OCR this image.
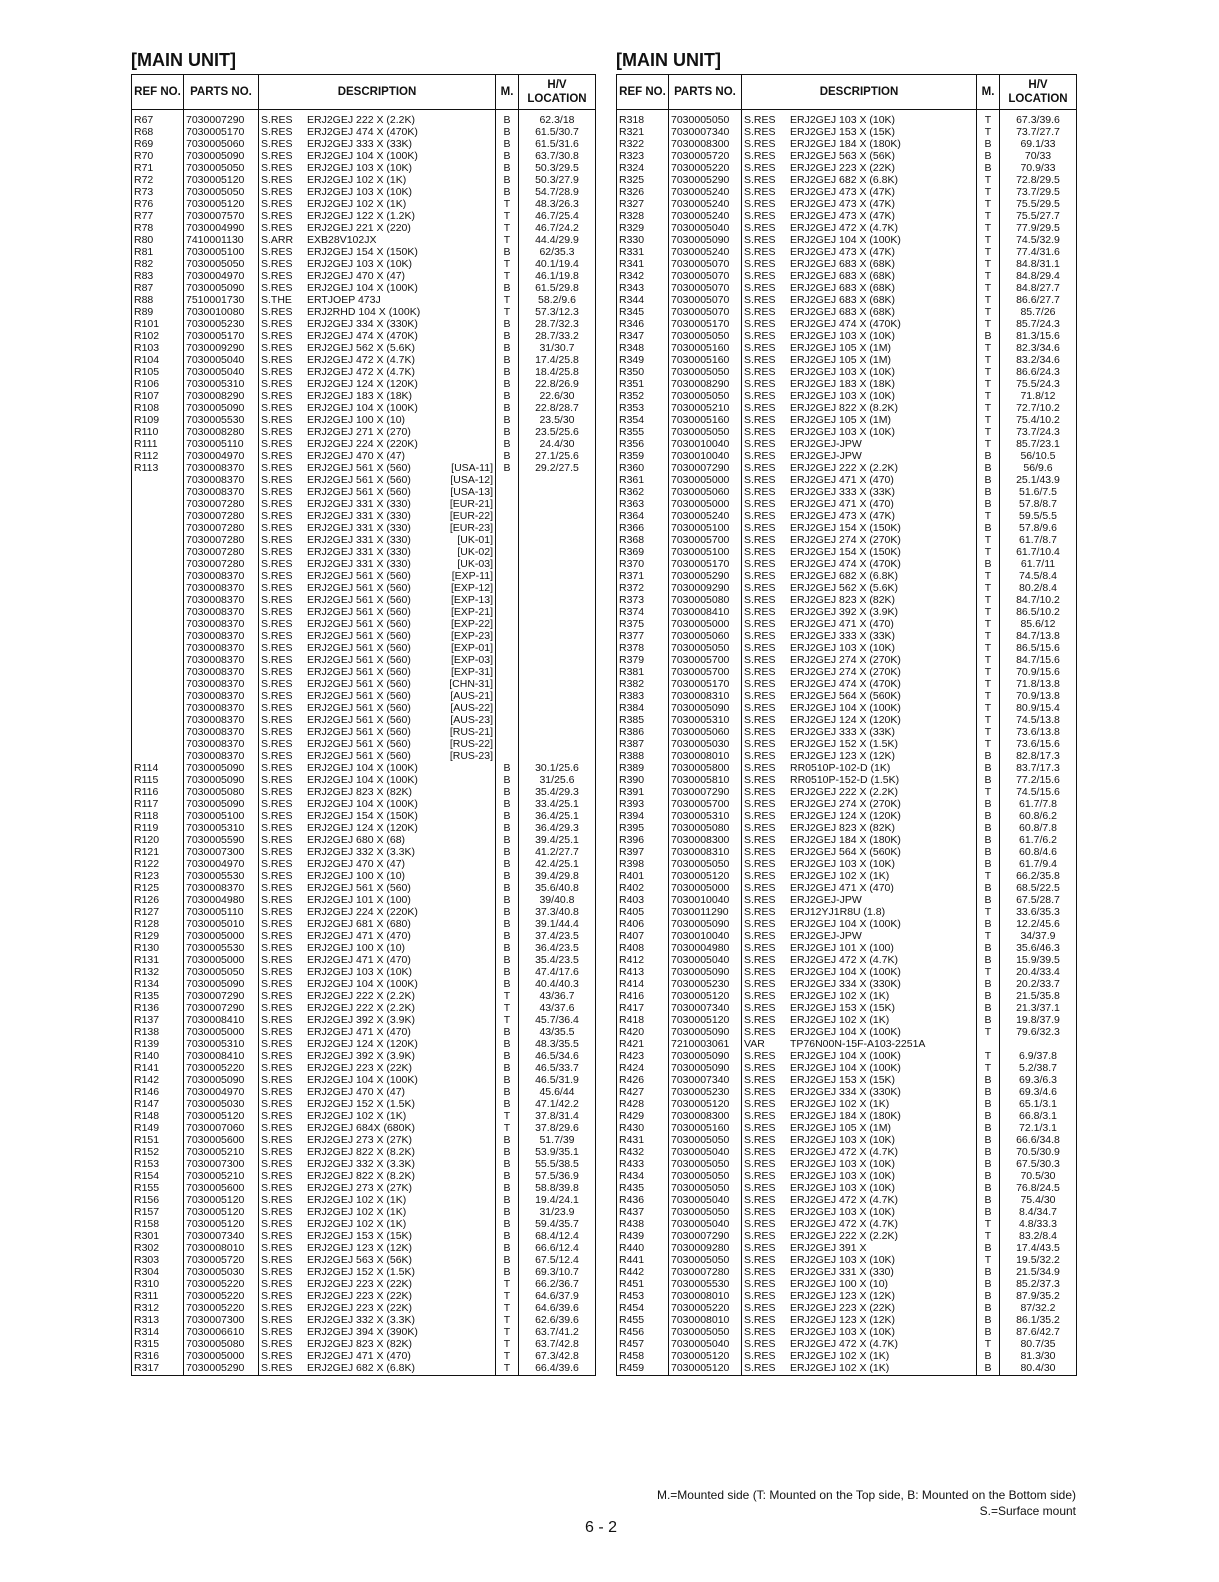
[MAIN UNIT]
REF NO.	PARTS NO.	DESCRIPTION	M.	H/V LOCATION
R67	7030007290	S.RES ERJ2GEJ 222 X (2.2K)	B	62.3/18
R68	7030005170	S.RES ERJ2GEJ 474 X (470K)	B	61.5/30.7
R69	7030005060	S.RES ERJ2GEJ 333 X (33K)	B	61.5/31.6
R70	7030005090	S.RES ERJ2GEJ 104 X (100K)	B	63.7/30.8
R71	7030005050	S.RES ERJ2GEJ 103 X (10K)	B	50.3/29.5
R72	7030005120	S.RES ERJ2GEJ 102 X (1K)	B	50.3/27.9
R73	7030005050	S.RES ERJ2GEJ 103 X (10K)	B	54.7/28.9
R76	7030005120	S.RES ERJ2GEJ 102 X (1K)	T	48.3/26.3
R77	7030007570	S.RES ERJ2GEJ 122 X (1.2K)	T	46.7/25.4
R78	7030004990	S.RES ERJ2GEJ 221 X (220)	T	46.7/24.2
R80	7410001130	S.ARR EXB28V102JX	T	44.4/29.9
R81	7030005100	S.RES ERJ2GEJ 154 X (150K)	B	62/35.3
R82	7030005050	S.RES ERJ2GEJ 103 X (10K)	T	40.1/19.4
R83	7030004970	S.RES ERJ2GEJ 470 X (47)	T	46.1/19.8
R87	7030005090	S.RES ERJ2GEJ 104 X (100K)	B	61.5/29.8
R88	7510001730	S.THE ERTJOEP 473J	T	58.2/9.6
R89	7030010080	S.RES ERJ2RHD 104 X (100K)	T	57.3/12.3
R101	7030005230	S.RES ERJ2GEJ 334 X (330K)	B	28.7/32.3
R102	7030005170	S.RES ERJ2GEJ 474 X (470K)	B	28.7/33.2
R103	7030009290	S.RES ERJ2GEJ 562 X (5.6K)	B	31/30.7
R104	7030005040	S.RES ERJ2GEJ 472 X (4.7K)	B	17.4/25.8
R105	7030005040	S.RES ERJ2GEJ 472 X (4.7K)	B	18.4/25.8
R106	7030005310	S.RES ERJ2GEJ 124 X (120K)	B	22.8/26.9
R107	7030008290	S.RES ERJ2GEJ 183 X (18K)	B	22.6/30
R108	7030005090	S.RES ERJ2GEJ 104 X (100K)	B	22.8/28.7
R109	7030005530	S.RES ERJ2GEJ 100 X (10)	B	23.5/30
R110	7030008280	S.RES ERJ2GEJ 271 X (270)	B	23.5/25.6
R111	7030005110	S.RES ERJ2GEJ 224 X (220K)	B	24.4/30
R112	7030004970	S.RES ERJ2GEJ 470 X (47)	B	27.1/25.6
R113	7030008370	S.RES ERJ2GEJ 561 X (560) [USA-11]	B	29.2/27.5
	7030008370	S.RES ERJ2GEJ 561 X (560) [USA-12]		

	7030008370	S.RES ERJ2GEJ 561 X (560) [USA-13]		

	7030007280	S.RES ERJ2GEJ 331 X (330) [EUR-21]		

	7030007280	S.RES ERJ2GEJ 331 X (330) [EUR-22]		

	7030007280	S.RES ERJ2GEJ 331 X (330) [EUR-23]		

	7030007280	S.RES ERJ2GEJ 331 X (330) [UK-01]		

	7030007280	S.RES ERJ2GEJ 331 X (330) [UK-02]		

	7030007280	S.RES ERJ2GEJ 331 X (330) [UK-03]		

	7030008370	S.RES ERJ2GEJ 561 X (560) [EXP-11]		

	7030008370	S.RES ERJ2GEJ 561 X (560) [EXP-12]		

	7030008370	S.RES ERJ2GEJ 561 X (560) [EXP-13]		

	7030008370	S.RES ERJ2GEJ 561 X (560) [EXP-21]		

	7030008370	S.RES ERJ2GEJ 561 X (560) [EXP-22]		

	7030008370	S.RES ERJ2GEJ 561 X (560) [EXP-23]		

	7030008370	S.RES ERJ2GEJ 561 X (560) [EXP-01]		

	7030008370	S.RES ERJ2GEJ 561 X (560) [EXP-03]		

	7030008370	S.RES ERJ2GEJ 561 X (560) [EXP-31]		

	7030008370	S.RES ERJ2GEJ 561 X (560) [CHN-31]		

	7030008370	S.RES ERJ2GEJ 561 X (560) [AUS-21]		

	7030008370	S.RES ERJ2GEJ 561 X (560) [AUS-22]		

	7030008370	S.RES ERJ2GEJ 561 X (560) [AUS-23]		

	7030008370	S.RES ERJ2GEJ 561 X (560) [RUS-21]		

	7030008370	S.RES ERJ2GEJ 561 X (560) [RUS-22]		

	7030008370	S.RES ERJ2GEJ 561 X (560) [RUS-23]		

R114	7030005090	S.RES ERJ2GEJ 104 X (100K)	B	30.1/25.6
R115	7030005090	S.RES ERJ2GEJ 104 X (100K)	B	31/25.6
R116	7030005080	S.RES ERJ2GEJ 823 X (82K)	B	35.4/29.3
R117	7030005090	S.RES ERJ2GEJ 104 X (100K)	B	33.4/25.1
R118	7030005100	S.RES ERJ2GEJ 154 X (150K)	B	36.4/25.1
R119	7030005310	S.RES ERJ2GEJ 124 X (120K)	B	36.4/29.3
R120	7030005590	S.RES ERJ2GEJ 680 X (68)	B	39.4/25.1
R121	7030007300	S.RES ERJ2GEJ 332 X (3.3K)	B	41.2/27.7
R122	7030004970	S.RES ERJ2GEJ 470 X (47)	B	42.4/25.1
R123	7030005530	S.RES ERJ2GEJ 100 X (10)	B	39.4/29.8
R125	7030008370	S.RES ERJ2GEJ 561 X (560)	B	35.6/40.8
R126	7030004980	S.RES ERJ2GEJ 101 X (100)	B	39/40.8
R127	7030005110	S.RES ERJ2GEJ 224 X (220K)	B	37.3/40.8
R128	7030005010	S.RES ERJ2GEJ 681 X (680)	B	39.1/44.4
R129	7030005000	S.RES ERJ2GEJ 471 X (470)	B	37.4/23.5
R130	7030005530	S.RES ERJ2GEJ 100 X (10)	B	36.4/23.5
R131	7030005000	S.RES ERJ2GEJ 471 X (470)	B	35.4/23.5
R132	7030005050	S.RES ERJ2GEJ 103 X (10K)	B	47.4/17.6
R134	7030005090	S.RES ERJ2GEJ 104 X (100K)	B	40.4/40.3
R135	7030007290	S.RES ERJ2GEJ 222 X (2.2K)	T	43/36.7
R136	7030007290	S.RES ERJ2GEJ 222 X (2.2K)	T	43/37.6
R137	7030008410	S.RES ERJ2GEJ 392 X (3.9K)	T	45.7/36.4
R138	7030005000	S.RES ERJ2GEJ 471 X (470)	B	43/35.5
R139	7030005310	S.RES ERJ2GEJ 124 X (120K)	B	48.3/35.5
R140	7030008410	S.RES ERJ2GEJ 392 X (3.9K)	B	46.5/34.6
R141	7030005220	S.RES ERJ2GEJ 223 X (22K)	B	46.5/33.7
R142	7030005090	S.RES ERJ2GEJ 104 X (100K)	B	46.5/31.9
R146	7030004970	S.RES ERJ2GEJ 470 X (47)	B	45.6/44
R147	7030005030	S.RES ERJ2GEJ 152 X (1.5K)	B	47.1/42.2
R148	7030005120	S.RES ERJ2GEJ 102 X (1K)	T	37.8/31.4
R149	7030007060	S.RES ERJ2GEJ 684X (680K)	T	37.8/29.6
R151	7030005600	S.RES ERJ2GEJ 273 X (27K)	B	51.7/39
R152	7030005210	S.RES ERJ2GEJ 822 X (8.2K)	B	53.9/35.1
R153	7030007300	S.RES ERJ2GEJ 332 X (3.3K)	B	55.5/38.5
R154	7030005210	S.RES ERJ2GEJ 822 X (8.2K)	B	57.5/36.9
R155	7030005600	S.RES ERJ2GEJ 273 X (27K)	B	58.8/39.8
R156	7030005120	S.RES ERJ2GEJ 102 X (1K)	B	19.4/24.1
R157	7030005120	S.RES ERJ2GEJ 102 X (1K)	B	31/23.9
R158	7030005120	S.RES ERJ2GEJ 102 X (1K)	B	59.4/35.7
R301	7030007340	S.RES ERJ2GEJ 153 X (15K)	B	68.4/12.4
R302	7030008010	S.RES ERJ2GEJ 123 X (12K)	B	66.6/12.4
R303	7030005720	S.RES ERJ2GEJ 563 X (56K)	B	67.5/12.4
R304	7030005030	S.RES ERJ2GEJ 152 X (1.5K)	B	69.3/10.7
R310	7030005220	S.RES ERJ2GEJ 223 X (22K)	T	66.2/36.7
R311	7030005220	S.RES ERJ2GEJ 223 X (22K)	T	64.6/37.9
R312	7030005220	S.RES ERJ2GEJ 223 X (22K)	T	64.6/39.6
R313	7030007300	S.RES ERJ2GEJ 332 X (3.3K)	T	62.6/39.6
R314	7030006610	S.RES ERJ2GEJ 394 X (390K)	T	63.7/41.2
R315	7030005080	S.RES ERJ2GEJ 823 X (82K)	T	63.7/42.8
R316	7030005000	S.RES ERJ2GEJ 471 X (470)	T	67.3/42.8
R317	7030005290	S.RES ERJ2GEJ 682 X (6.8K)	T	66.4/39.6
[MAIN UNIT]
REF NO.	PARTS NO.	DESCRIPTION	M.	H/V LOCATION
R318	7030005050	S.RES ERJ2GEJ 103 X (10K)	T	67.3/39.6
R321	7030007340	S.RES ERJ2GEJ 153 X (15K)	T	73.7/27.7
R322	7030008300	S.RES ERJ2GEJ 184 X (180K)	B	69.1/33
R323	7030005720	S.RES ERJ2GEJ 563 X (56K)	B	70/33
R324	7030005220	S.RES ERJ2GEJ 223 X (22K)	B	70.9/33
R325	7030005290	S.RES ERJ2GEJ 682 X (6.8K)	T	72.8/29.5
R326	7030005240	S.RES ERJ2GEJ 473 X (47K)	T	73.7/29.5
R327	7030005240	S.RES ERJ2GEJ 473 X (47K)	T	75.5/29.5
R328	7030005240	S.RES ERJ2GEJ 473 X (47K)	T	75.5/27.7
R329	7030005040	S.RES ERJ2GEJ 472 X (4.7K)	T	77.9/29.5
R330	7030005090	S.RES ERJ2GEJ 104 X (100K)	T	74.5/32.9
R331	7030005240	S.RES ERJ2GEJ 473 X (47K)	T	77.4/31.6
R341	7030005070	S.RES ERJ2GEJ 683 X (68K)	T	84.8/31.1
R342	7030005070	S.RES ERJ2GEJ 683 X (68K)	T	84.8/29.4
R343	7030005070	S.RES ERJ2GEJ 683 X (68K)	T	84.8/27.7
R344	7030005070	S.RES ERJ2GEJ 683 X (68K)	T	86.6/27.7
R345	7030005070	S.RES ERJ2GEJ 683 X (68K)	T	85.7/26
R346	7030005170	S.RES ERJ2GEJ 474 X (470K)	T	85.7/24.3
R347	7030005050	S.RES ERJ2GEJ 103 X (10K)	B	81.3/15.6
R348	7030005160	S.RES ERJ2GEJ 105 X (1M)	T	82.3/34.6
R349	7030005160	S.RES ERJ2GEJ 105 X (1M)	T	83.2/34.6
R350	7030005050	S.RES ERJ2GEJ 103 X (10K)	T	86.6/24.3
R351	7030008290	S.RES ERJ2GEJ 183 X (18K)	T	75.5/24.3
R352	7030005050	S.RES ERJ2GEJ 103 X (10K)	T	71.8/12
R353	7030005210	S.RES ERJ2GEJ 822 X (8.2K)	T	72.7/10.2
R354	7030005160	S.RES ERJ2GEJ 105 X (1M)	T	75.4/10.2
R355	7030005050	S.RES ERJ2GEJ 103 X (10K)	T	73.7/24.3
R356	7030010040	S.RES ERJ2GEJ-JPW	T	85.7/23.1
R359	7030010040	S.RES ERJ2GEJ-JPW	B	56/10.5
R360	7030007290	S.RES ERJ2GEJ 222 X (2.2K)	B	56/9.6
R361	7030005000	S.RES ERJ2GEJ 471 X (470)	B	25.1/43.9
R362	7030005060	S.RES ERJ2GEJ 333 X (33K)	B	51.6/7.5
R363	7030005000	S.RES ERJ2GEJ 471 X (470)	B	57.8/8.7
R364	7030005240	S.RES ERJ2GEJ 473 X (47K)	T	59.5/5.5
R366	7030005100	S.RES ERJ2GEJ 154 X (150K)	B	57.8/9.6
R368	7030005700	S.RES ERJ2GEJ 274 X (270K)	T	61.7/8.7
R369	7030005100	S.RES ERJ2GEJ 154 X (150K)	T	61.7/10.4
R370	7030005170	S.RES ERJ2GEJ 474 X (470K)	B	61.7/11
R371	7030005290	S.RES ERJ2GEJ 682 X (6.8K)	T	74.5/8.4
R372	7030009290	S.RES ERJ2GEJ 562 X (5.6K)	T	80.2/8.4
R373	7030005080	S.RES ERJ2GEJ 823 X (82K)	T	84.7/10.2
R374	7030008410	S.RES ERJ2GEJ 392 X (3.9K)	T	86.5/10.2
R375	7030005000	S.RES ERJ2GEJ 471 X (470)	T	85.6/12
R377	7030005060	S.RES ERJ2GEJ 333 X (33K)	T	84.7/13.8
R378	7030005050	S.RES ERJ2GEJ 103 X (10K)	T	86.5/15.6
R379	7030005700	S.RES ERJ2GEJ 274 X (270K)	T	84.7/15.6
R381	7030005700	S.RES ERJ2GEJ 274 X (270K)	T	70.9/15.6
R382	7030005170	S.RES ERJ2GEJ 474 X (470K)	T	71.8/13.8
R383	7030008310	S.RES ERJ2GEJ 564 X (560K)	T	70.9/13.8
R384	7030005090	S.RES ERJ2GEJ 104 X (100K)	T	80.9/15.4
R385	7030005310	S.RES ERJ2GEJ 124 X (120K)	T	74.5/13.8
R386	7030005060	S.RES ERJ2GEJ 333 X (33K)	T	73.6/13.8
R387	7030005030	S.RES ERJ2GEJ 152 X (1.5K)	T	73.6/15.6
R388	7030008010	S.RES ERJ2GEJ 123 X (12K)	B	82.8/17.3
R389	7030005800	S.RES RR0510P-102-D (1K)	B	83.7/17.3
R390	7030005810	S.RES RR0510P-152-D (1.5K)	B	77.2/15.6
R391	7030007290	S.RES ERJ2GEJ 222 X (2.2K)	T	74.5/15.6
R393	7030005700	S.RES ERJ2GEJ 274 X (270K)	B	61.7/7.8
R394	7030005310	S.RES ERJ2GEJ 124 X (120K)	B	60.8/6.2
R395	7030005080	S.RES ERJ2GEJ 823 X (82K)	B	60.8/7.8
R396	7030008300	S.RES ERJ2GEJ 184 X (180K)	B	61.7/6.2
R397	7030008310	S.RES ERJ2GEJ 564 X (560K)	B	60.8/4.6
R398	7030005050	S.RES ERJ2GEJ 103 X (10K)	B	61.7/9.4
R401	7030005120	S.RES ERJ2GEJ 102 X (1K)	T	66.2/35.8
R402	7030005000	S.RES ERJ2GEJ 471 X (470)	B	68.5/22.5
R403	7030010040	S.RES ERJ2GEJ-JPW	B	67.5/28.7
R405	7030011290	S.RES ERJ12YJ1R8U (1.8)	T	33.6/35.3
R406	7030005090	S.RES ERJ2GEJ 104 X (100K)	B	12.2/45.6
R407	7030010040	S.RES ERJ2GEJ-JPW	T	34/37.9
R408	7030004980	S.RES ERJ2GEJ 101 X (100)	B	35.6/46.3
R412	7030005040	S.RES ERJ2GEJ 472 X (4.7K)	B	15.9/39.5
R413	7030005090	S.RES ERJ2GEJ 104 X (100K)	T	20.4/33.4
R414	7030005230	S.RES ERJ2GEJ 334 X (330K)	B	20.2/33.7
R416	7030005120	S.RES ERJ2GEJ 102 X (1K)	B	21.5/35.8
R417	7030007340	S.RES ERJ2GEJ 153 X (15K)	B	21.3/37.1
R418	7030005120	S.RES ERJ2GEJ 102 X (1K)	B	19.8/37.9
R420	7030005090	S.RES ERJ2GEJ 104 X (100K)	T	79.6/32.3
R421	7210003061	VAR TP76N00N-15F-A103-2251A		

R423	7030005090	S.RES ERJ2GEJ 104 X (100K)	T	6.9/37.8
R424	7030005090	S.RES ERJ2GEJ 104 X (100K)	T	5.2/38.7
R426	7030007340	S.RES ERJ2GEJ 153 X (15K)	B	69.3/6.3
R427	7030005230	S.RES ERJ2GEJ 334 X (330K)	B	69.3/4.6
R428	7030005120	S.RES ERJ2GEJ 102 X (1K)	B	65.1/3.1
R429	7030008300	S.RES ERJ2GEJ 184 X (180K)	B	66.8/3.1
R430	7030005160	S.RES ERJ2GEJ 105 X (1M)	B	72.1/3.1
R431	7030005050	S.RES ERJ2GEJ 103 X (10K)	B	66.6/34.8
R432	7030005040	S.RES ERJ2GEJ 472 X (4.7K)	B	70.5/30.9
R433	7030005050	S.RES ERJ2GEJ 103 X (10K)	B	67.5/30.3
R434	7030005050	S.RES ERJ2GEJ 103 X (10K)	B	70.5/30
R435	7030005050	S.RES ERJ2GEJ 103 X (10K)	B	76.8/24.5
R436	7030005040	S.RES ERJ2GEJ 472 X (4.7K)	B	75.4/30
R437	7030005050	S.RES ERJ2GEJ 103 X (10K)	B	8.4/34.7
R438	7030005040	S.RES ERJ2GEJ 472 X (4.7K)	T	4.8/33.3
R439	7030007290	S.RES ERJ2GEJ 222 X (2.2K)	T	83.2/8.4
R440	7030009280	S.RES ERJ2GEJ 391 X	B	17.4/43.5
R441	7030005050	S.RES ERJ2GEJ 103 X (10K)	T	19.5/32.2
R442	7030007280	S.RES ERJ2GEJ 331 X (330)	B	21.5/34.9
R451	7030005530	S.RES ERJ2GEJ 100 X (10)	B	85.2/37.3
R453	7030008010	S.RES ERJ2GEJ 123 X (12K)	B	87.9/35.2
R454	7030005220	S.RES ERJ2GEJ 223 X (22K)	B	87/32.2
R455	7030008010	S.RES ERJ2GEJ 123 X (12K)	B	86.1/35.2
R456	7030005050	S.RES ERJ2GEJ 103 X (10K)	B	87.6/42.7
R457	7030005040	S.RES ERJ2GEJ 472 X (4.7K)	T	80.7/35
R458	7030005120	S.RES ERJ2GEJ 102 X (1K)	B	81.3/30
R459	7030005120	S.RES ERJ2GEJ 102 X (1K)	B	80.4/30
M.=Mounted side (T: Mounted on the Top side, B: Mounted on the Bottom side)
S.=Surface mount
6 - 2
